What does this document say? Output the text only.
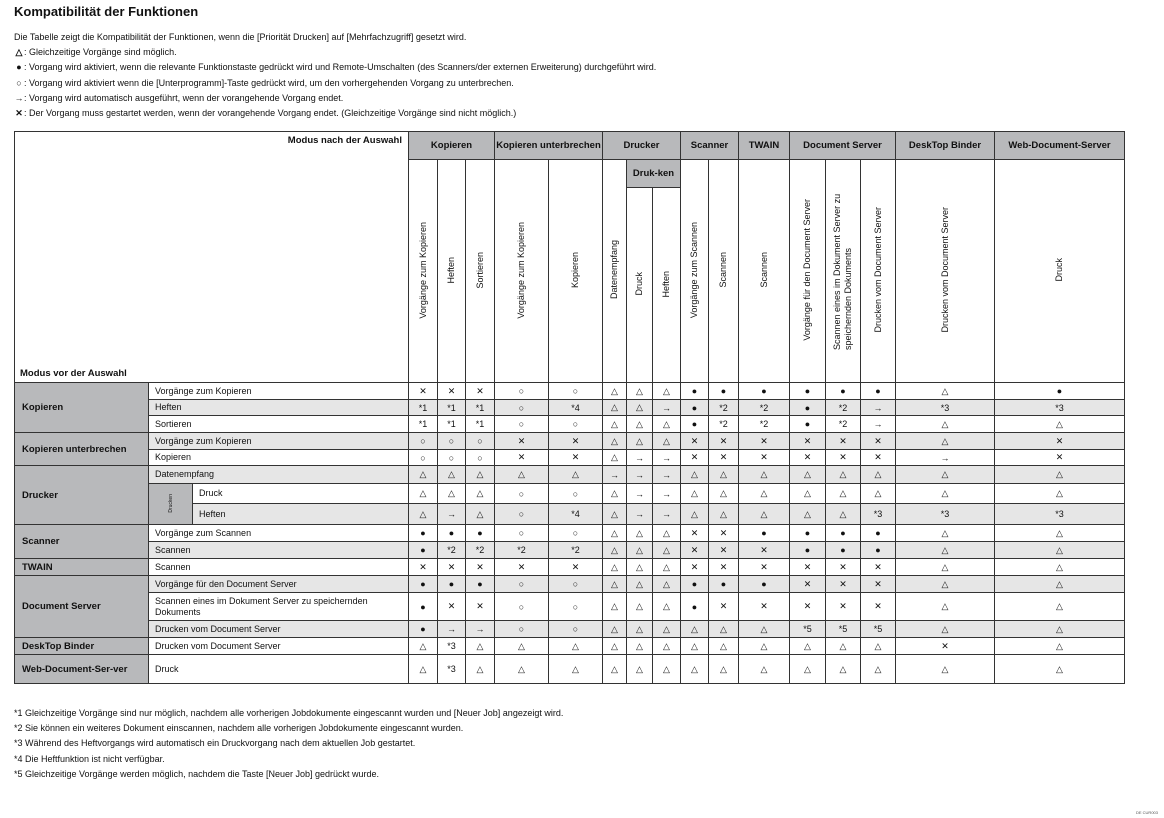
Kompatibilität der Funktionen
Die Tabelle zeigt die Kompatibilität der Funktionen, wenn die [Priorität Drucken] auf [Mehrfachzugriff] gesetzt wird.
△ : Gleichzeitige Vorgänge sind möglich.
● : Vorgang wird aktiviert, wenn die relevante Funktionstaste gedrückt wird und Remote-Umschalten (des Scanners/der externen Erweiterung) durchgeführt wird.
○ : Vorgang wird aktiviert wenn die [Unterprogramm]-Taste gedrückt wird, um den vorhergehenden Vorgang zu unterbrechen.
→: Vorgang wird automatisch ausgeführt, wenn der vorangehende Vorgang endet.
✕: Der Vorgang muss gestartet werden, wenn der vorangehende Vorgang endet. (Gleichzeitige Vorgänge sind nicht möglich.)
Modus nach der Auswahl
Modus vor der Auswahl			Kopieren			Kopieren unterbrechen		Drucker			Scanner		TWAIN	Document Server			DeskTop Binder	Web-Document-Server
			Vorgänge zum Kopieren	Heften	Sortieren	Vorgänge zum Kopieren	Kopieren	Datenempfang	Druk-ken		Vorgänge zum Scannen	Scannen	Scannen	Vorgänge für den Document Server	Scannen eines im Dokument Server zu speichernden Dokuments	Drucken vom Document Server	Drucken vom Document Server	Druck
									Druck	Heften								
Kopieren	Vorgänge zum Kopieren		✕	✕	✕	○	○	△	△	△	●	●	●	●	●	●	△	●
	Heften		*1	*1	*1	○	*4	△	△	→	●	*2	*2	●	*2	→	*3	*3
	Sortieren		*1	*1	*1	○	○	△	△	△	●	*2	*2	●	*2	→	△	△
Kopieren unterbrechen	Vorgänge zum Kopieren		○	○	○	✕	✕	△	△	△	✕	✕	✕	✕	✕	✕	△	✕
	Kopieren		○	○	○	✕	✕	△	→	→	✕	✕	✕	✕	✕	✕	→	✕
Drucker	Datenempfang		△	△	△	△	△	→	→	→	△	△	△	△	△	△	△	△
	Drucken	Druck	△	△	△	○	○	△	→	→	△	△	△	△	△	△	△	△
		Heften	△	→	△	○	*4	△	→	→	△	△	△	△	△	*3	*3	*3
Scanner	Vorgänge zum Scannen		●	●	●	○	○	△	△	△	✕	✕	●	●	●	●	△	△
	Scannen		●	*2	*2	*2	*2	△	△	△	✕	✕	✕	●	●	●	△	△
TWAIN	Scannen		✕	✕	✕	✕	✕	△	△	△	✕	✕	✕	✕	✕	✕	△	△
Document Server	Vorgänge für den Document Server		●	●	●	○	○	△	△	△	●	●	●	✕	✕	✕	△	△
	Scannen eines im Dokument Server zu speichernden Dokuments		●	✕	✕	○	○	△	△	△	●	✕	✕	✕	✕	✕	△	△
	Drucken vom Document Server		●	→	→	○	○	△	△	△	△	△	△	*5	*5	*5	△	△
DeskTop Binder	Drucken vom Document Server		△	*3	△	△	△	△	△	△	△	△	△	△	△	△	✕	△
Web-Document-Ser-ver	Druck		△	*3	△	△	△	△	△	△	△	△	△	△	△	△	△	△
*1 Gleichzeitige Vorgänge sind nur möglich, nachdem alle vorherigen Jobdokumente eingescannt wurden und [Neuer Job] angezeigt wird.
*2 Sie können ein weiteres Dokument einscannen, nachdem alle vorherigen Jobdokumente eingescannt wurden.
*3 Während des Heftvorgangs wird automatisch ein Druckvorgang nach dem aktuellen Job gestartet.
*4 Die Heftfunktion ist nicht verfügbar.
*5 Gleichzeitige Vorgänge werden möglich, nachdem die Taste [Neuer Job] gedrückt wurde.
DE CUR003
